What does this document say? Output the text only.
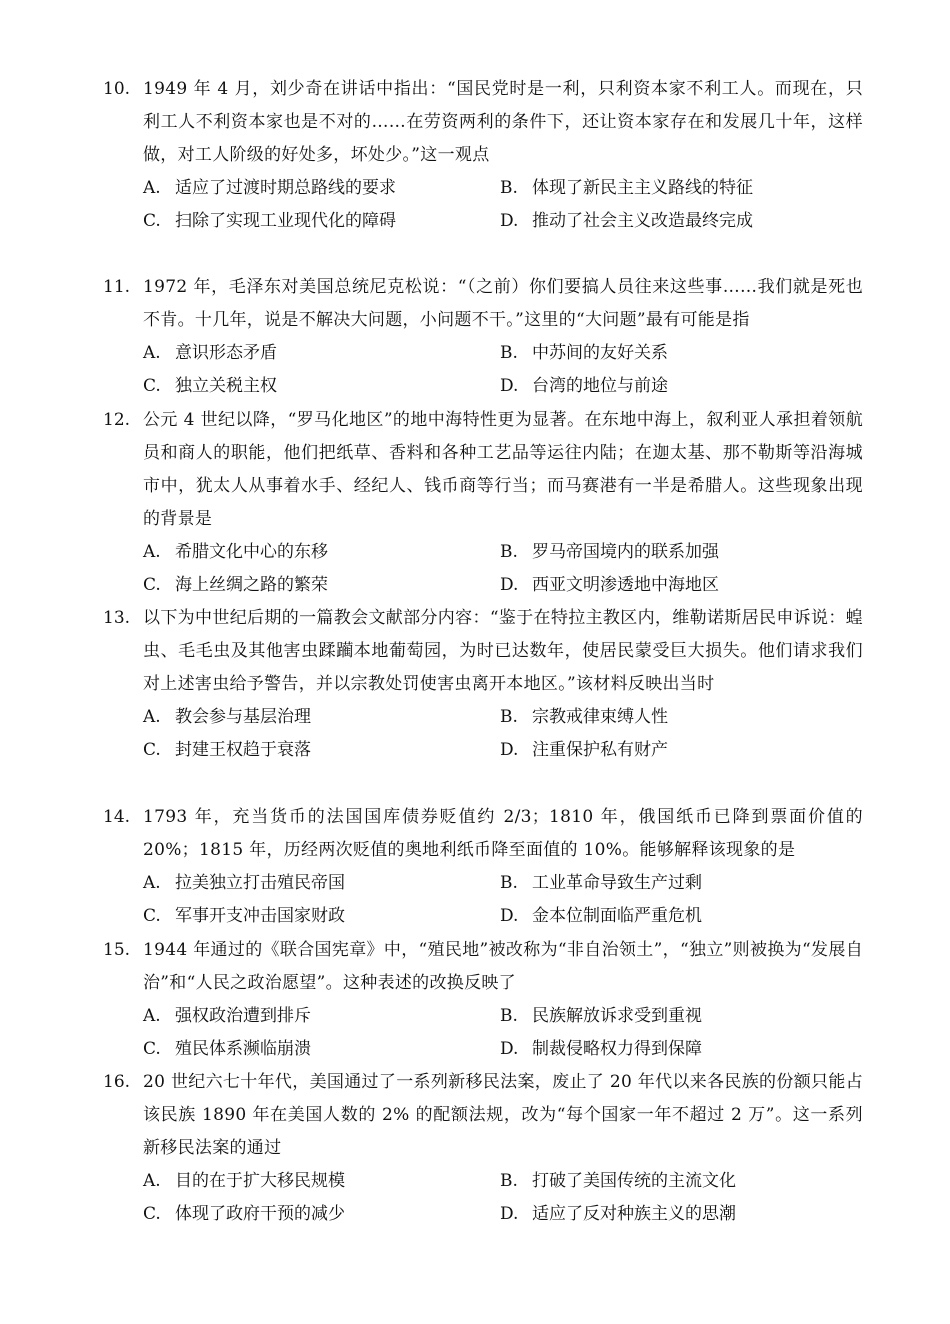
10. 1949 年 4 月，刘少奇在讲话中指出：“国民党时是一利，只利资本家不利工人。而现在，只利工人不利资本家也是不对的……在劳资两利的条件下，还让资本家存在和发展几十年，这样做，对工人阶级的好处多，坏处少。”这一观点
A. 适应了过渡时期总路线的要求	B. 体现了新民主主义路线的特征
C. 扫除了实现工业现代化的障碍	D. 推动了社会主义改造最终完成
11. 1972 年，毛泽东对美国总统尼克松说：“（之前）你们要搞人员往来这些事……我们就是死也不肯。十几年，说是不解决大问题，小问题不干。”这里的“大问题”最有可能是指
A. 意识形态矛盾	B. 中苏间的友好关系
C. 独立关税主权	D. 台湾的地位与前途
12. 公元 4 世纪以降，“罗马化地区”的地中海特性更为显著。在东地中海上，叙利亚人承担着领航员和商人的职能，他们把纸草、香料和各种工艺品等运往内陆；在迦太基、那不勒斯等沿海城市中，犹太人从事着水手、经纪人、钱币商等行当；而马赛港有一半是希腊人。这些现象出现的背景是
A. 希腊文化中心的东移	B. 罗马帝国境内的联系加强
C. 海上丝绸之路的繁荣	D. 西亚文明渗透地中海地区
13. 以下为中世纪后期的一篇教会文献部分内容：“鉴于在特拉主教区内，维勒诺斯居民申诉说：蝗虫、毛毛虫及其他害虫蹂躏本地葡萄园，为时已达数年，使居民蒙受巨大损失。他们请求我们对上述害虫给予警告，并以宗教处罚使害虫离开本地区。”该材料反映出当时
A. 教会参与基层治理	B. 宗教戒律束缚人性
C. 封建王权趋于衰落	D. 注重保护私有财产
14. 1793 年，充当货币的法国国库债券贬值约 2/3；1810 年，俄国纸币已降到票面价值的 20%；1815 年，历经两次贬值的奥地利纸币降至面值的 10%。能够解释该现象的是
A. 拉美独立打击殖民帝国	B. 工业革命导致生产过剩
C. 军事开支冲击国家财政	D. 金本位制面临严重危机
15. 1944 年通过的《联合国宪章》中，“殖民地”被改称为“非自治领土”，“独立”则被换为“发展自治”和“人民之政治愿望”。这种表述的改换反映了
A. 强权政治遭到排斥	B. 民族解放诉求受到重视
C. 殖民体系濒临崩溃	D. 制裁侵略权力得到保障
16. 20 世纪六七十年代，美国通过了一系列新移民法案，废止了 20 年代以来各民族的份额只能占该民族 1890 年在美国人数的 2% 的配额法规，改为“每个国家一年不超过 2 万”。这一系列新移民法案的通过
A. 目的在于扩大移民规模	B. 打破了美国传统的主流文化
C. 体现了政府干预的减少	D. 适应了反对种族主义的思潮
